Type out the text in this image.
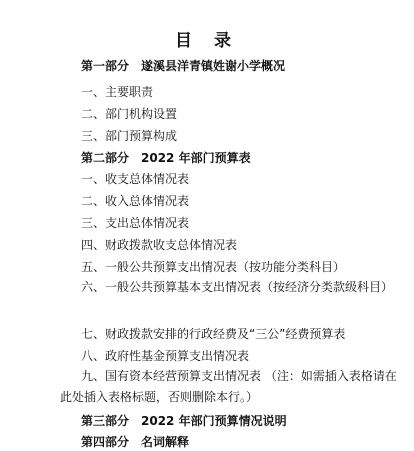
目 录
第一部分　遂溪县洋青镇姓谢小学概况
一、主要职责
二、部门机构设置
三、部门预算构成
第二部分　2022 年部门预算表
一、收支总体情况表
二、收入总体情况表
三、支出总体情况表
四、财政拨款收支总体情况表
五、一般公共预算支出情况表（按功能分类科目）
六、一般公共预算基本支出情况表（按经济分类款级科目）
七、财政拨款安排的行政经费及“三公”经费预算表
八、政府性基金预算支出情况表
九、国有资本经营预算支出情况表 （注：如需插入表格请在此处插入表格标题，否则删除本行。）
第三部分　2022 年部门预算情况说明
第四部分　名词解释
